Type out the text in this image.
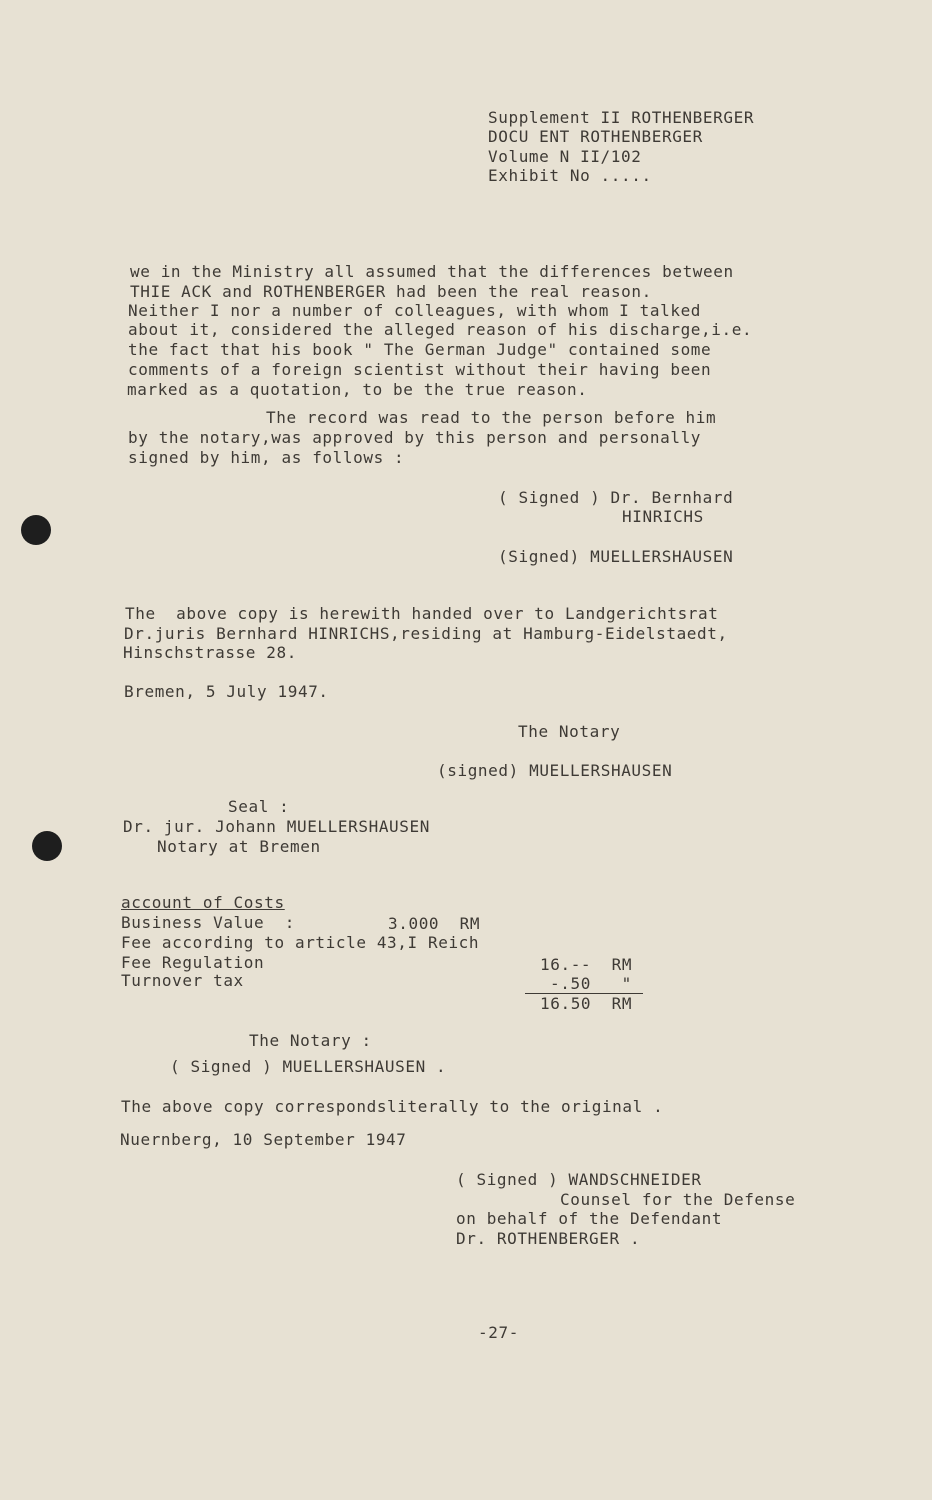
Supplement II ROTHENBERGER
DOCU ENT ROTHENBERGER
Volume N II/102
Exhibit No .....
we in the Ministry all assumed that the differences between
THIE ACK and ROTHENBERGER had been the real reason.
Neither I nor a number of colleagues, with whom I talked
about it, considered the alleged reason of his discharge,i.e.
the fact that his book " The German Judge" contained some
comments of a foreign scientist without their having been
marked as a quotation, to be the true reason.
The record was read to the person before him
by the notary,was approved by this person and personally
signed by him, as follows :
( Signed ) Dr. Bernhard
HINRICHS
(Signed) MUELLERSHAUSEN
The  above copy is herewith handed over to Landgerichtsrat
Dr.juris Bernhard HINRICHS,residing at Hamburg-Eidelstaedt,
Hinschstrasse 28.
Bremen, 5 July 1947.
The Notary
(signed) MUELLERSHAUSEN
Seal :
Dr. jur. Johann MUELLERSHAUSEN
Notary at Bremen
account of Costs
Business Value  :	3.000  RM
Fee according to article 43,I Reich
Fee Regulation	16.--  RM
Turnover tax	-.50   "
16.50  RM
The Notary :
( Signed ) MUELLERSHAUSEN .
The above copy correspondsliterally to the original .
Nuernberg, 10 September 1947
( Signed ) WANDSCHNEIDER
Counsel for the Defense
on behalf of the Defendant
Dr. ROTHENBERGER .
-27-
